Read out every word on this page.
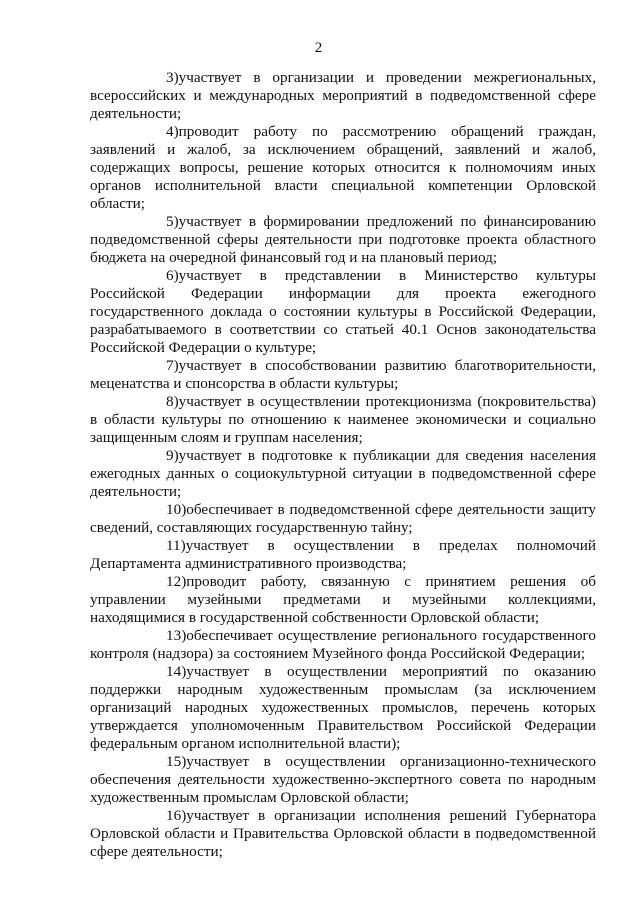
2

3)участвует в организации и проведении межрегиональных, всероссийских и международных мероприятий в подведомственной сфере деятельности;

4)проводит работу по рассмотрению обращений граждан, заявлений и жалоб, за исключением обращений, заявлений и жалоб, содержащих вопросы, решение которых относится к полномочиям иных органов исполнительной власти специальной компетенции Орловской области;

5)участвует в формировании предложений по финансированию подведомственной сферы деятельности при подготовке проекта областного бюджета на очередной финансовый год и на плановый период;

6)участвует в представлении в Министерство культуры Российской Федерации информации для проекта ежегодного государственного доклада о состоянии культуры в Российской Федерации, разрабатываемого в соответствии со статьей 40.1 Основ законодательства Российской Федерации о культуре;

7)участвует в способствовании развитию благотворительности, меценатства и спонсорства в области культуры;

8)участвует в осуществлении протекционизма (покровительства) в области культуры по отношению к наименее экономически и социально защищенным слоям и группам населения;

9)участвует в подготовке к публикации для сведения населения ежегодных данных о социокультурной ситуации в подведомственной сфере деятельности;

10)обеспечивает в подведомственной сфере деятельности защиту сведений, составляющих государственную тайну;

11)участвует в осуществлении в пределах полномочий Департамента административного производства;

12)проводит работу, связанную с принятием решения об управлении музейными предметами и музейными коллекциями, находящимися в государственной собственности Орловской области;

13)обеспечивает осуществление регионального государственного контроля (надзора) за состоянием Музейного фонда Российской Федерации;

14)участвует в осуществлении мероприятий по оказанию поддержки народным художественным промыслам (за исключением организаций народных художественных промыслов, перечень которых утверждается уполномоченным Правительством Российской Федерации федеральным органом исполнительной власти);

15)участвует в осуществлении организационно-технического обеспечения деятельности художественно-экспертного совета по народным художественным промыслам Орловской области;

16)участвует в организации исполнения решений Губернатора Орловской области и Правительства Орловской области в подведомственной сфере деятельности;
